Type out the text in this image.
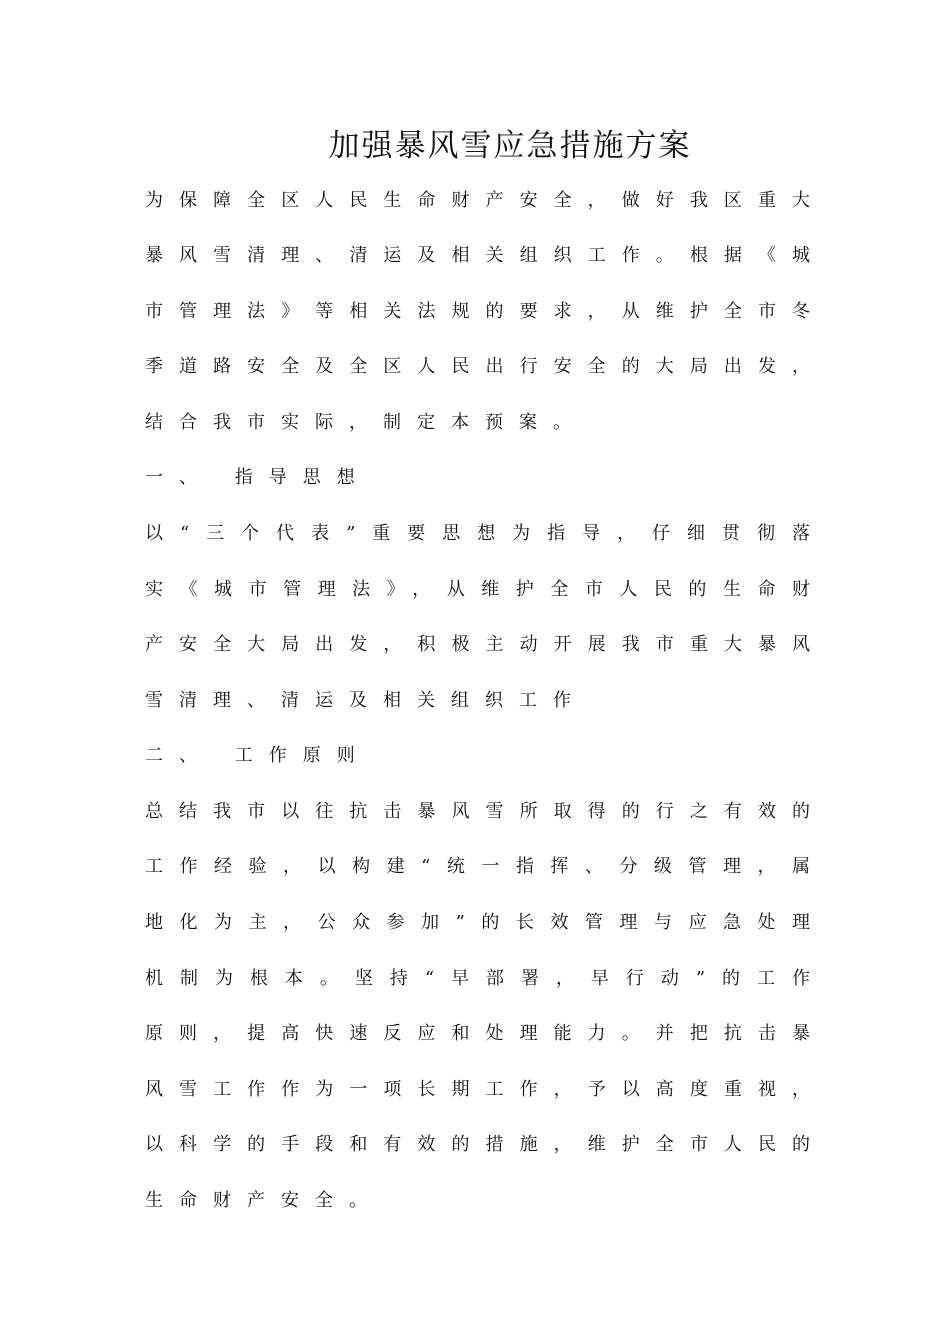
加强暴风雪应急措施方案
为保障全区人民生命财产安全，做好我区重大
暴风雪清理、清运及相关组织工作。根据《城
市管理法》等相关法规的要求，从维护全市冬
季道路安全及全区人民出行安全的大局出发，
结合我市实际，制定本预案。
一、 指导思想
以“三个代表”重要思想为指导，仔细贯彻落
实《城市管理法》，从维护全市人民的生命财
产安全大局出发，积极主动开展我市重大暴风
雪清理、清运及相关组织工作
二、 工作原则
总结我市以往抗击暴风雪所取得的行之有效的
工作经验，以构建“统一指挥、分级管理，属
地化为主，公众参加”的长效管理与应急处理
机制为根本。坚持“早部署，早行动”的工作
原则，提高快速反应和处理能力。并把抗击暴
风雪工作作为一项长期工作，予以高度重视，
以科学的手段和有效的措施，维护全市人民的
生命财产安全。
